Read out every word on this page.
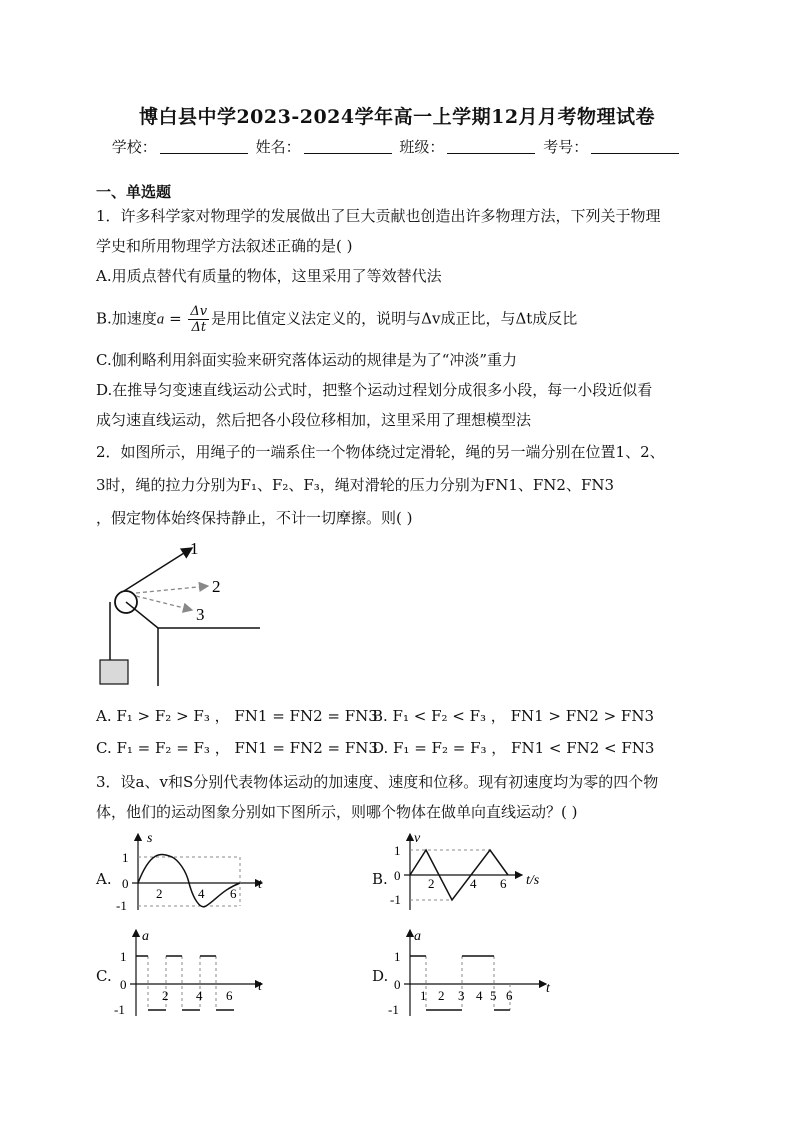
博白县中学2023-2024学年高一上学期12月月考物理试卷
学校：	姓名：	班级：	考号：
一、单选题
1．许多科学家对物理学的发展做出了巨大贡献也创造出许多物理方法，下列关于物理
学史和所用物理学方法叙述正确的是( )
A.用质点替代有质量的物体，这里采用了等效替代法
B.加速度$a = \frac{\Delta v}{\Delta t}$ 是用比值定义法定义的，说明与Δv成正比，与Δt成反比
C.伽利略利用斜面实验来研究落体运动的规律是为了“冲淡”重力
D.在推导匀变速直线运动公式时，把整个运动过程划分成很多小段，每一小段近似看
成匀速直线运动，然后把各小段位移相加，这里采用了理想模型法
2．如图所示，用绳子的一端系住一个物体绕过定滑轮，绳的另一端分别在位置1、2、
3时，绳的拉力分别为F₁、F₂、F₃，绳对滑轮的压力分别为FN1、FN2、FN3
，假定物体始终保持静止，不计一切摩擦。则( )
1
2
3
A. F₁ > F₂ > F₃ ， FN1 = FN2 = FN3
B. F₁ < F₂ < F₃ ， FN1 > FN2 > FN3
C. F₁ = F₂ = F₃ ， FN1 = FN2 = FN3
D. F₁ = F₂ = F₃ ， FN1 < FN2 < FN3
3．设a、v和S分别代表物体运动的加速度、速度和位移。现有初速度均为零的四个物
体，他们的运动图象分别如下图所示，则哪个物体在做单向直线运动？( )
A.
s
t
1
0
-1
2	4 6
B.
v
t/s
1
0
-1
2	4 6
C.
a
t
1
0
-1
2 4 6
D.
a
t
1
0
-1
1 2 3 4 5 6
